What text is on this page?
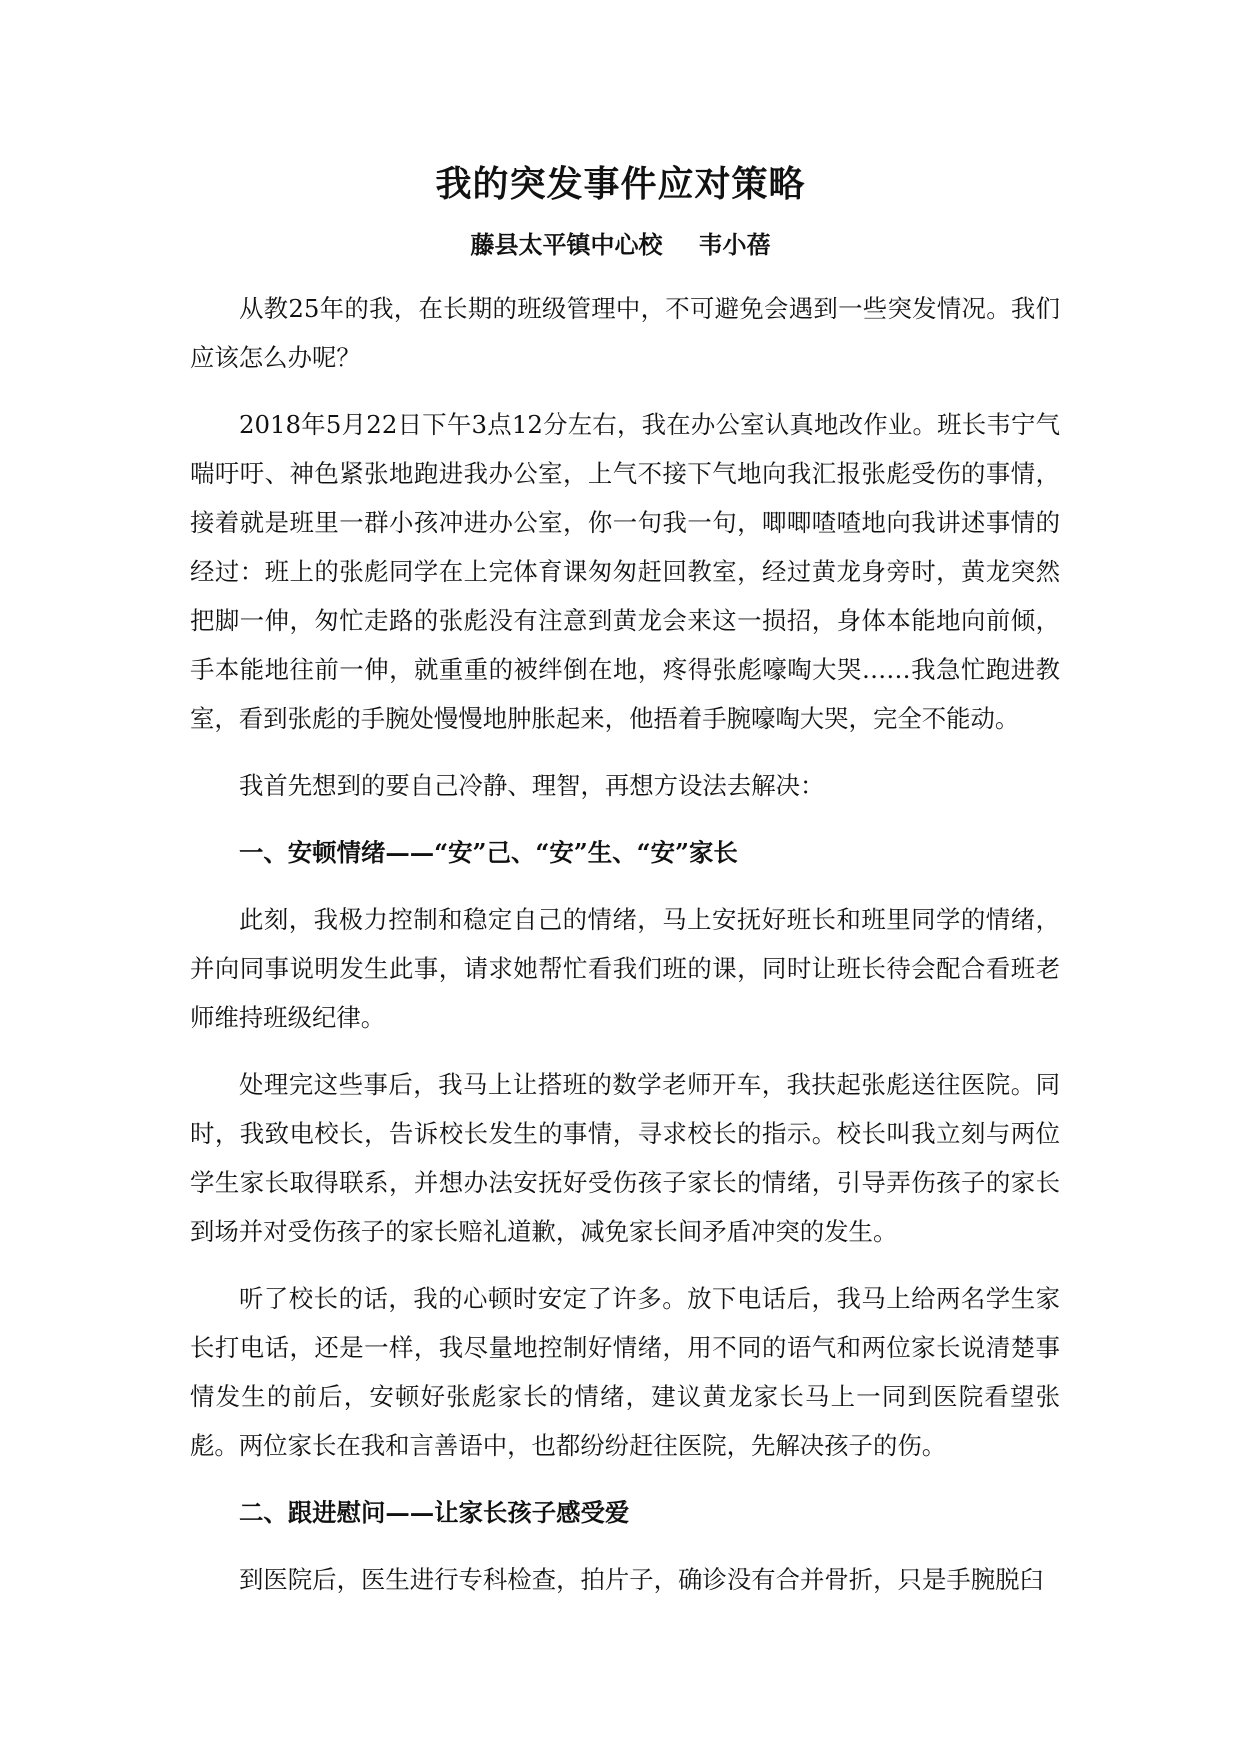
我的突发事件应对策略
藤县太平镇中心校 韦小蓓

从教25年的我，在长期的班级管理中，不可避免会遇到一些突发情况。我们应该怎么办呢？

2018年5月22日下午3点12分左右，我在办公室认真地改作业。班长韦宁气喘吁吁、神色紧张地跑进我办公室，上气不接下气地向我汇报张彪受伤的事情，接着就是班里一群小孩冲进办公室，你一句我一句，唧唧喳喳地向我讲述事情的经过：班上的张彪同学在上完体育课匆匆赶回教室，经过黄龙身旁时，黄龙突然把脚一伸，匆忙走路的张彪没有注意到黄龙会来这一损招，身体本能地向前倾，手本能地往前一伸，就重重的被绊倒在地，疼得张彪嚎啕大哭……我急忙跑进教室，看到张彪的手腕处慢慢地肿胀起来，他捂着手腕嚎啕大哭，完全不能动。

我首先想到的要自己冷静、理智，再想方设法去解决：

一、安顿情绪——“安”己、“安”生、“安”家长

此刻，我极力控制和稳定自己的情绪，马上安抚好班长和班里同学的情绪，并向同事说明发生此事，请求她帮忙看我们班的课，同时让班长待会配合看班老师维持班级纪律。

处理完这些事后，我马上让搭班的数学老师开车，我扶起张彪送往医院。同时，我致电校长，告诉校长发生的事情，寻求校长的指示。校长叫我立刻与两位学生家长取得联系，并想办法安抚好受伤孩子家长的情绪，引导弄伤孩子的家长到场并对受伤孩子的家长赔礼道歉，减免家长间矛盾冲突的发生。

听了校长的话，我的心顿时安定了许多。放下电话后，我马上给两名学生家长打电话，还是一样，我尽量地控制好情绪，用不同的语气和两位家长说清楚事情发生的前后，安顿好张彪家长的情绪，建议黄龙家长马上一同到医院看望张彪。两位家长在我和言善语中，也都纷纷赶往医院，先解决孩子的伤。

二、跟进慰问——让家长孩子感受爱

到医院后，医生进行专科检查，拍片子，确诊没有合并骨折，只是手腕脱臼
